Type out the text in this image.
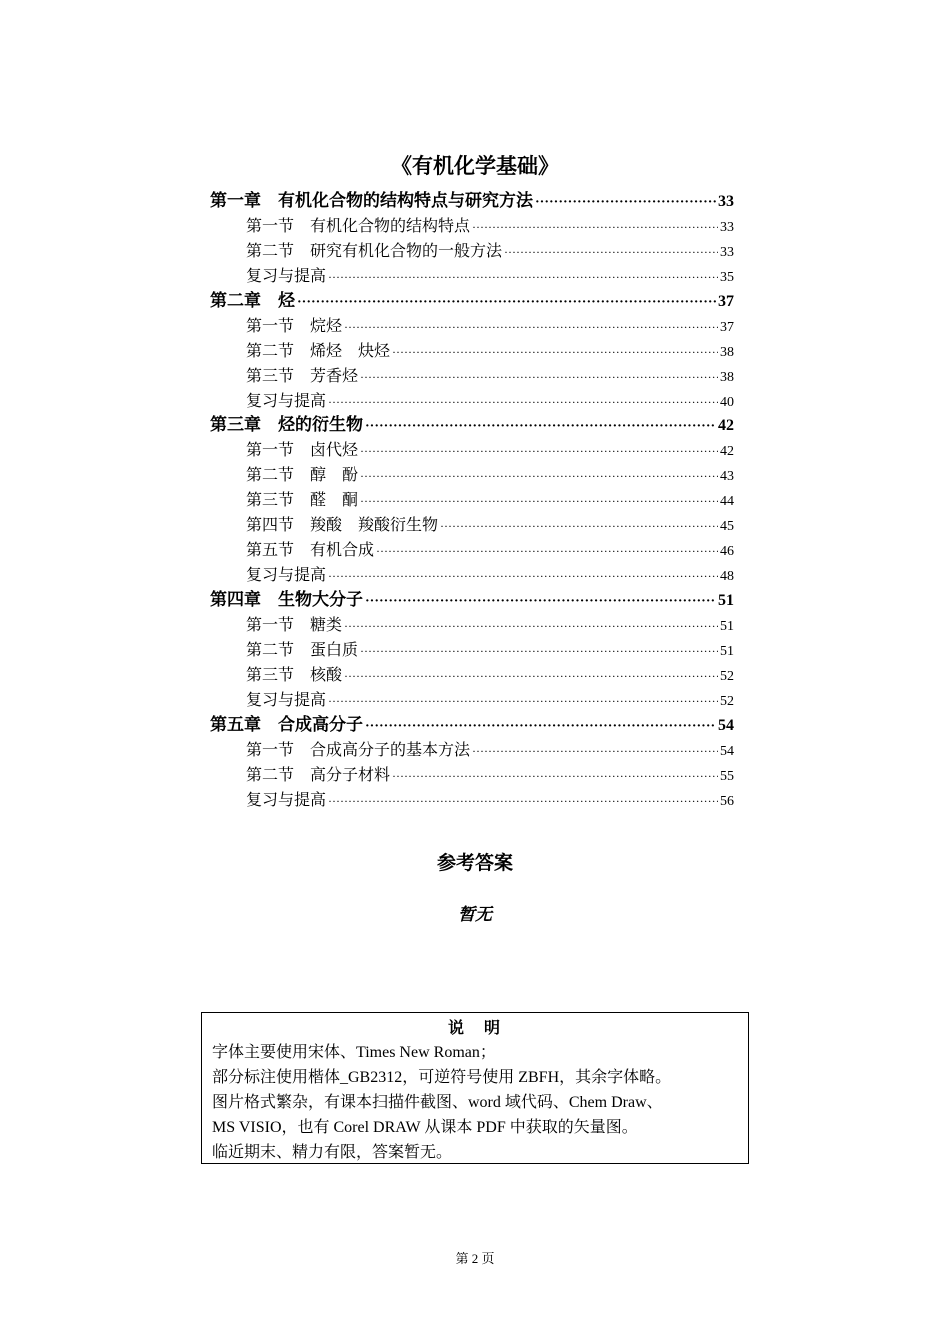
《有机化学基础》
第一章　有机化合物的结构特点与研究方法 ·····	33
第一节　有机化合物的结构特点 ·····	33
第二节　研究有机化合物的一般方法 ·····	33
复习与提高 ·····	35
第二章　烃 ·····	37
第一节　烷烃 ·····	37
第二节　烯烃　炔烃 ·····	38
第三节　芳香烃 ·····	38
复习与提高 ·····	40
第三章　烃的衍生物 ·····	42
第一节　卤代烃 ·····	42
第二节　醇　酚 ·····	43
第三节　醛　酮 ·····	44
第四节　羧酸　羧酸衍生物 ·····	45
第五节　有机合成 ·····	46
复习与提高 ·····	48
第四章　生物大分子 ·····	51
第一节　糖类 ·····	51
第二节　蛋白质 ·····	51
第三节　核酸 ·····	52
复习与提高 ·····	52
第五章　合成高分子 ·····	54
第一节　合成高分子的基本方法 ·····	54
第二节　高分子材料 ·····	55
复习与提高 ·····	56
参考答案
暂无
说　明
字体主要使用宋体、Times New Roman；
部分标注使用楷体_GB2312，可逆符号使用 ZBFH，其余字体略。
图片格式繁杂，有课本扫描件截图、word 域代码、Chem Draw、
MS VISIO，也有 Corel DRAW 从课本 PDF 中获取的矢量图。
临近期末、精力有限，答案暂无。
第 2 页
